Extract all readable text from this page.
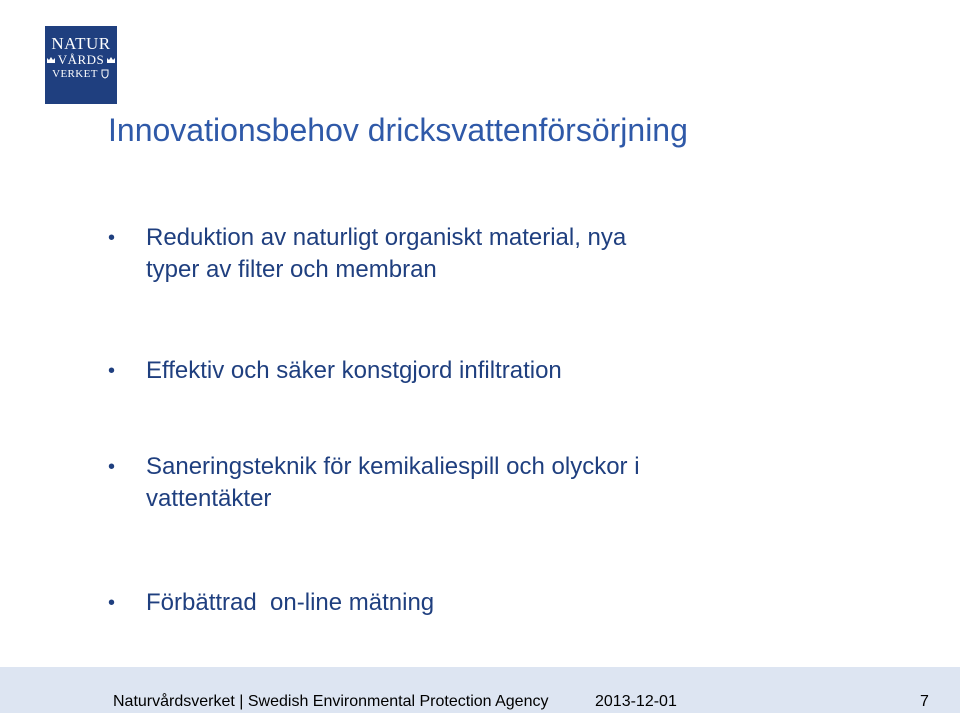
NATUR
VÅRDS
VERKET
Innovationsbehov dricksvattenförsörjning
• Reduktion av naturligt organiskt material, nya
typer av filter och membran
• Effektiv och säker konstgjord infiltration
• Saneringsteknik för kemikaliespill och olyckor i
vattentäkter
• Förbättrad  on-line mätning
Naturvårdsverket | Swedish Environmental Protection Agency	2013-12-01	7
